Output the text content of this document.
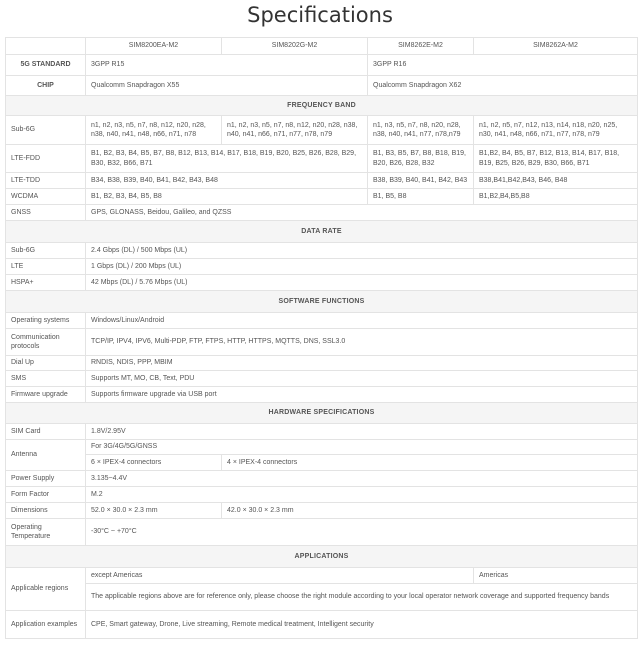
Specifications
	SIM8200EA-M2	SIM8202G-M2	SIM8262E-M2	SIM8262A-M2
5G STANDARD	3GPP R15		3GPP R16	
CHIP	Qualcomm Snapdragon X55		Qualcomm Snapdragon X62	
FREQUENCY BAND				
Sub-6G	n1, n2, n3, n5, n7, n8, n12, n20, n28, n38, n40, n41, n48, n66, n71, n78	n1, n2, n3, n5, n7, n8, n12, n20, n28, n38, n40, n41, n66, n71, n77, n78, n79	n1, n3, n5, n7, n8, n20, n28, n38, n40, n41, n77, n78,n79	n1, n2, n5, n7, n12, n13, n14, n18, n20, n25, n30, n41, n48, n66, n71, n77, n78, n79
LTE-FDD	B1, B2, B3, B4, B5, B7, B8, B12, B13, B14, B17, B18, B19, B20, B25, B26, B28, B29, B30, B32, B66, B71		B1, B3, B5, B7, B8, B18, B19, B20, B26, B28, B32	B1,B2, B4, B5, B7, B12, B13, B14, B17, B18, B19, B25, B26, B29, B30, B66, B71
LTE-TDD	B34, B38, B39, B40, B41, B42, B43, B48		B38, B39, B40, B41, B42, B43	B38,B41,B42,B43, B46, B48
WCDMA	B1, B2, B3, B4, B5, B8		B1, B5, B8	B1,B2,B4,B5,B8
GNSS	GPS, GLONASS, Beidou, Galileo, and QZSS			
DATA RATE				
Sub-6G	2.4 Gbps (DL) / 500 Mbps (UL)			
LTE	1 Gbps (DL) / 200 Mbps (UL)			
HSPA+	42 Mbps (DL) / 5.76 Mbps (UL)			
SOFTWARE FUNCTIONS				
Operating systems	Windows/Linux/Android			
Communication protocols	TCP/IP, IPV4, IPV6, Multi-PDP, FTP, FTPS, HTTP, HTTPS, MQTTS, DNS, SSL3.0			
Dial Up	RNDIS, NDIS, PPP, MBIM			
SMS	Supports MT, MO, CB, Text, PDU			
Firmware upgrade	Supports firmware upgrade via USB port			
HARDWARE SPECIFICATIONS				
SIM Card	1.8V/2.95V			
Antenna	For 3G/4G/5G/GNSS			
	6 × IPEX-4 connectors	4 × IPEX-4 connectors		
Power Supply	3.135~4.4V			
Form Factor	M.2			
Dimensions	52.0 × 30.0 × 2.3 mm	42.0 × 30.0 × 2.3 mm		
Operating Temperature	-30°C ~ +70°C			
APPLICATIONS				
Applicable regions	except Americas			Americas
	The applicable regions above are for reference only, please choose the right module according to your local operator network coverage and supported frequency bands			
Application examples	CPE, Smart gateway, Drone, Live streaming, Remote medical treatment, Intelligent security			
